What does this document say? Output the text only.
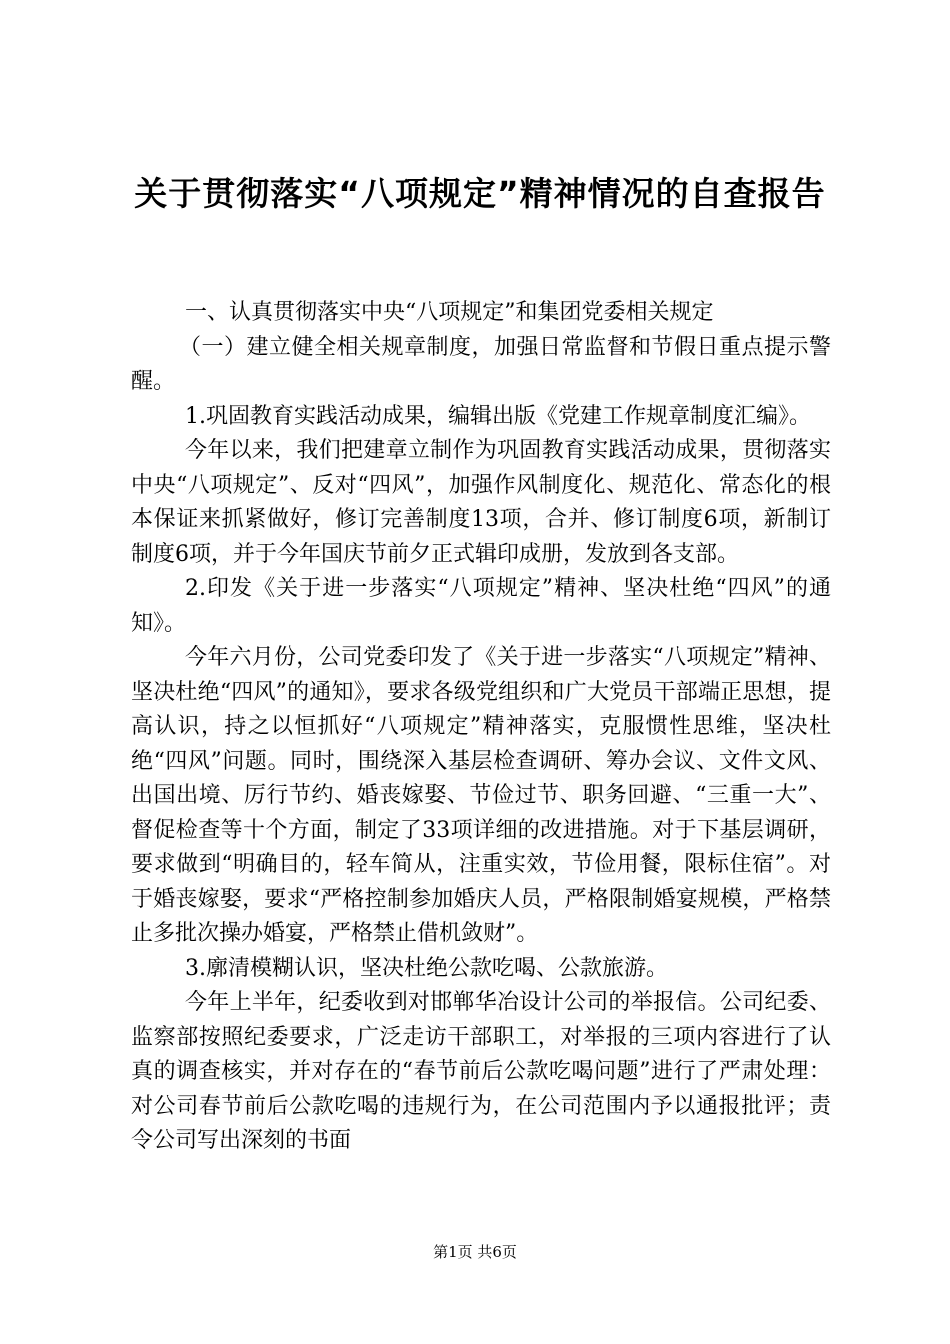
关于贯彻落实“八项规定”精神情况的自查报告

一、认真贯彻落实中央“八项规定”和集团党委相关规定

（一）建立健全相关规章制度，加强日常监督和节假日重点提示警醒。

1.巩固教育实践活动成果，编辑出版《党建工作规章制度汇编》。

今年以来，我们把建章立制作为巩固教育实践活动成果，贯彻落实中央“八项规定”、反对“四风”，加强作风制度化、规范化、常态化的根本保证来抓紧做好，修订完善制度13项，合并、修订制度6项，新制订制度6项，并于今年国庆节前夕正式辑印成册，发放到各支部。

2.印发《关于进一步落实“八项规定”精神、坚决杜绝“四风”的通知》。

今年六月份，公司党委印发了《关于进一步落实“八项规定”精神、坚决杜绝“四风”的通知》，要求各级党组织和广大党员干部端正思想，提高认识，持之以恒抓好“八项规定”精神落实，克服惯性思维，坚决杜绝“四风”问题。同时，围绕深入基层检查调研、筹办会议、文件文风、出国出境、厉行节约、婚丧嫁娶、节俭过节、职务回避、“三重一大”、督促检查等十个方面，制定了33项详细的改进措施。对于下基层调研，要求做到“明确目的，轻车简从，注重实效，节俭用餐，限标住宿”。对于婚丧嫁娶，要求“严格控制参加婚庆人员，严格限制婚宴规模，严格禁止多批次操办婚宴，严格禁止借机敛财”。

3.廓清模糊认识，坚决杜绝公款吃喝、公款旅游。

今年上半年，纪委收到对邯郸华冶设计公司的举报信。公司纪委、监察部按照纪委要求，广泛走访干部职工，对举报的三项内容进行了认真的调查核实，并对存在的“春节前后公款吃喝问题”进行了严肃处理：对公司春节前后公款吃喝的违规行为，在公司范围内予以通报批评；责令公司写出深刻的书面

第1页 共6页
